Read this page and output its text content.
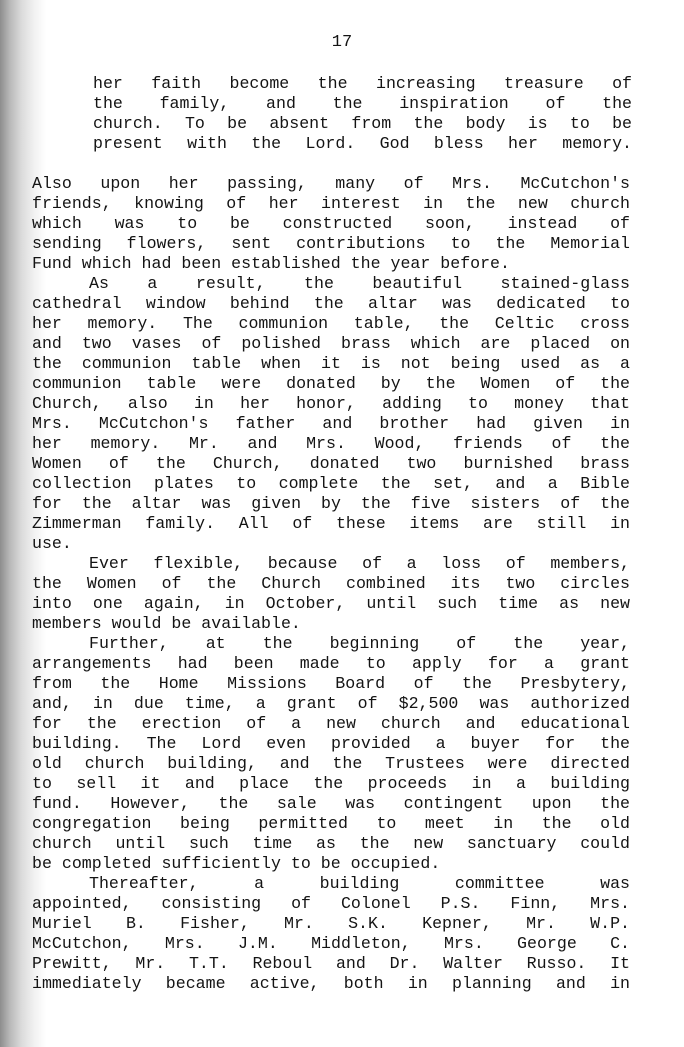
17
her faith become the increasing treasure of
the family, and the inspiration of the
church. To be absent from the body is to be
present with the Lord. God bless her memory.
Also upon her passing, many of Mrs. McCutchon's
friends, knowing of her interest in the new church
which was to be constructed soon, instead of
sending flowers, sent contributions to the Memorial
Fund which had been established the year before.
As a result, the beautiful stained-glass
cathedral window behind the altar was dedicated to
her memory. The communion table, the Celtic cross
and two vases of polished brass which are placed on
the communion table when it is not being used as a
communion table were donated by the Women of the
Church, also in her honor, adding to money that
Mrs. McCutchon's father and brother had given in
her memory. Mr. and Mrs. Wood, friends of the
Women of the Church, donated two burnished brass
collection plates to complete the set, and a Bible
for the altar was given by the five sisters of the
Zimmerman family. All of these items are still in
use.
Ever flexible, because of a loss of members,
the Women of the Church combined its two circles
into one again, in October, until such time as new
members would be available.
Further, at the beginning of the year,
arrangements had been made to apply for a grant
from the Home Missions Board of the Presbytery,
and, in due time, a grant of $2,500 was authorized
for the erection of a new church and educational
building. The Lord even provided a buyer for the
old church building, and the Trustees were directed
to sell it and place the proceeds in a building
fund. However, the sale was contingent upon the
congregation being permitted to meet in the old
church until such time as the new sanctuary could
be completed sufficiently to be occupied.
Thereafter, a building committee was
appointed, consisting of Colonel P.S. Finn, Mrs.
Muriel B. Fisher, Mr. S.K. Kepner, Mr. W.P.
McCutchon, Mrs. J.M. Middleton, Mrs. George C.
Prewitt, Mr. T.T. Reboul and Dr. Walter Russo. It
immediately became active, both in planning and in
